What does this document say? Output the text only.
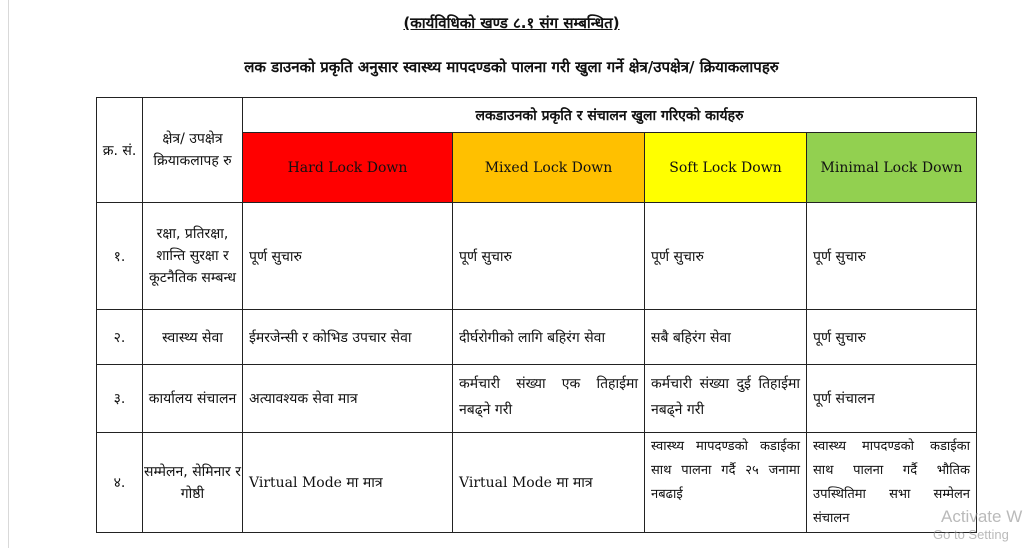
(कार्यविधिको खण्ड ८.१ संग सम्बन्धित)
लक डाउनको प्रकृति अनुसार स्वास्थ्य मापदण्डको पालना गरी खुला गर्ने क्षेत्र/उपक्षेत्र/ क्रियाकलापहरु
क्र. सं.	क्षेत्र/ उपक्षेत्र क्रियाकलापह रु	लकडाउनको प्रकृति र संचालन खुला गरिएको कार्यहरु			
		Hard Lock Down	Mixed Lock Down	Soft Lock Down	Minimal Lock Down
१.	रक्षा, प्रतिरक्षा, शान्ति सुरक्षा र कूटनैतिक सम्बन्ध	पूर्ण सुचारु	पूर्ण सुचारु	पूर्ण सुचारु	पूर्ण सुचारु
२.	स्वास्थ्य सेवा	ईमरजेन्सी र कोभिड उपचार सेवा	दीर्घरोगीको लागि बहिरंग सेवा	सबै बहिरंग सेवा	पूर्ण सुचारु
३.	कार्यालय संचालन	अत्यावश्यक सेवा मात्र	कर्मचारी संख्या एक तिहाईमा नबढ्ने गरी	कर्मचारी संख्या दुई तिहाईमा नबढ्ने गरी	पूर्ण संचालन
४.	सम्मेलन, सेमिनार र गोष्ठी	Virtual Mode मा मात्र	Virtual Mode मा मात्र	स्वास्थ्य मापदण्डको कडाईका साथ पालना गर्दै २५ जनामा नबढाई	स्वास्थ्य मापदण्डको कडाईका साथ पालना गर्दै भौतिक उपस्थितिमा सभा सम्मेलन संचालन	Activate W
Go to Setting
